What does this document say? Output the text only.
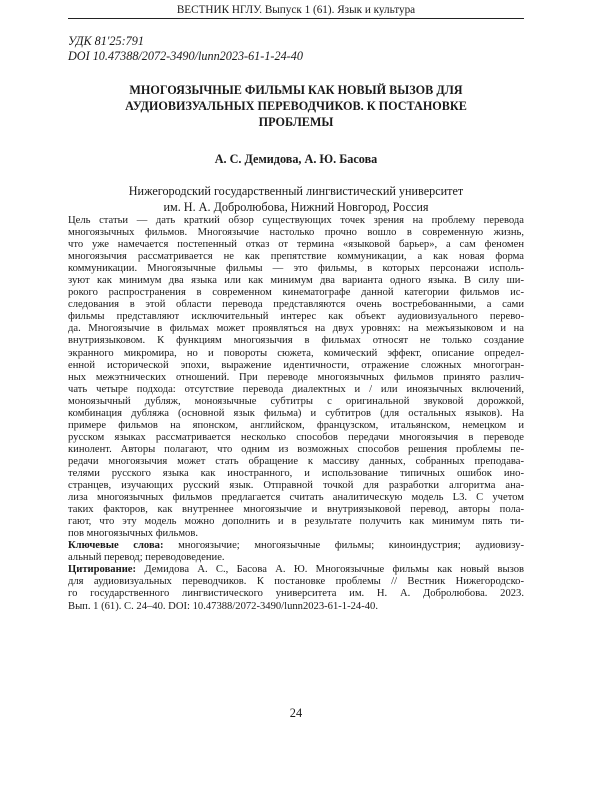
ВЕСТНИК НГЛУ. Выпуск 1 (61). Язык и культура
УДК 81'25:791
DOI 10.47388/2072-3490/lunn2023-61-1-24-40
МНОГОЯЗЫЧНЫЕ ФИЛЬМЫ КАК НОВЫЙ ВЫЗОВ ДЛЯ
АУДИОВИЗУАЛЬНЫХ ПЕРЕВОДЧИКОВ. К ПОСТАНОВКЕ
ПРОБЛЕМЫ
А. С. Демидова, А. Ю. Басова
Нижегородский государственный лингвистический университет
им. Н. А. Добролюбова, Нижний Новгород, Россия
Цель статьи — дать краткий обзор существующих точек зрения на проблему перевода
многоязычных фильмов. Многоязычие настолько прочно вошло в современную жизнь,
что уже намечается постепенный отказ от термина «языковой барьер», а сам феномен
многоязычия рассматривается не как препятствие коммуникации, а как новая форма
коммуникации. Многоязычные фильмы — это фильмы, в которых персонажи исполь-
зуют как минимум два языка или как минимум два варианта одного языка. В силу ши-
рокого распространения в современном кинематографе данной категории фильмов ис-
следования в этой области перевода представляются очень востребованными, а сами
фильмы представляют исключительный интерес как объект аудиовизуального перево-
да. Многоязычие в фильмах может проявляться на двух уровнях: на межъязыковом и на
внутриязыковом. К функциям многоязычия в фильмах относят не только создание
экранного микромира, но и повороты сюжета, комический эффект, описание определ-
енной исторической эпохи, выражение идентичности, отражение сложных многогран-
ных межэтнических отношений. При переводе многоязычных фильмов принято различ-
чать четыре подхода: отсутствие перевода диалектных и / или иноязычных включений,
моноязычный дубляж, моноязычные субтитры с оригинальной звуковой дорожкой,
комбинация дубляжа (основной язык фильма) и субтитров (для остальных языков). На
примере фильмов на японском, английском, французском, итальянском, немецком и
русском языках рассматривается несколько способов передачи многоязычия в переводе
кинолент. Авторы полагают, что одним из возможных способов решения проблемы пе-
редачи многоязычия может стать обращение к массиву данных, собранных преподава-
телями русского языка как иностранного, и использование типичных ошибок ино-
странцев, изучающих русский язык. Отправной точкой для разработки алгоритма ана-
лиза многоязычных фильмов предлагается считать аналитическую модель L3. С учетом
таких факторов, как внутреннее многоязычие и внутриязыковой перевод, авторы пола-
гают, что эту модель можно дополнить и в результате получить как минимум пять ти-
пов многоязычных фильмов.
Ключевые слова: многоязычие; многоязычные фильмы; киноиндустрия; аудиовизу-
альный перевод; переводоведение.
Цитирование: Демидова А. С., Басова А. Ю. Многоязычные фильмы как новый вызов
для аудиовизуальных переводчиков. К постановке проблемы // Вестник Нижегородско-
го государственного лингвистического университета им. Н. А. Добролюбова. 2023.
Вып. 1 (61). С. 24–40. DOI: 10.47388/2072-3490/lunn2023-61-1-24-40.
24
